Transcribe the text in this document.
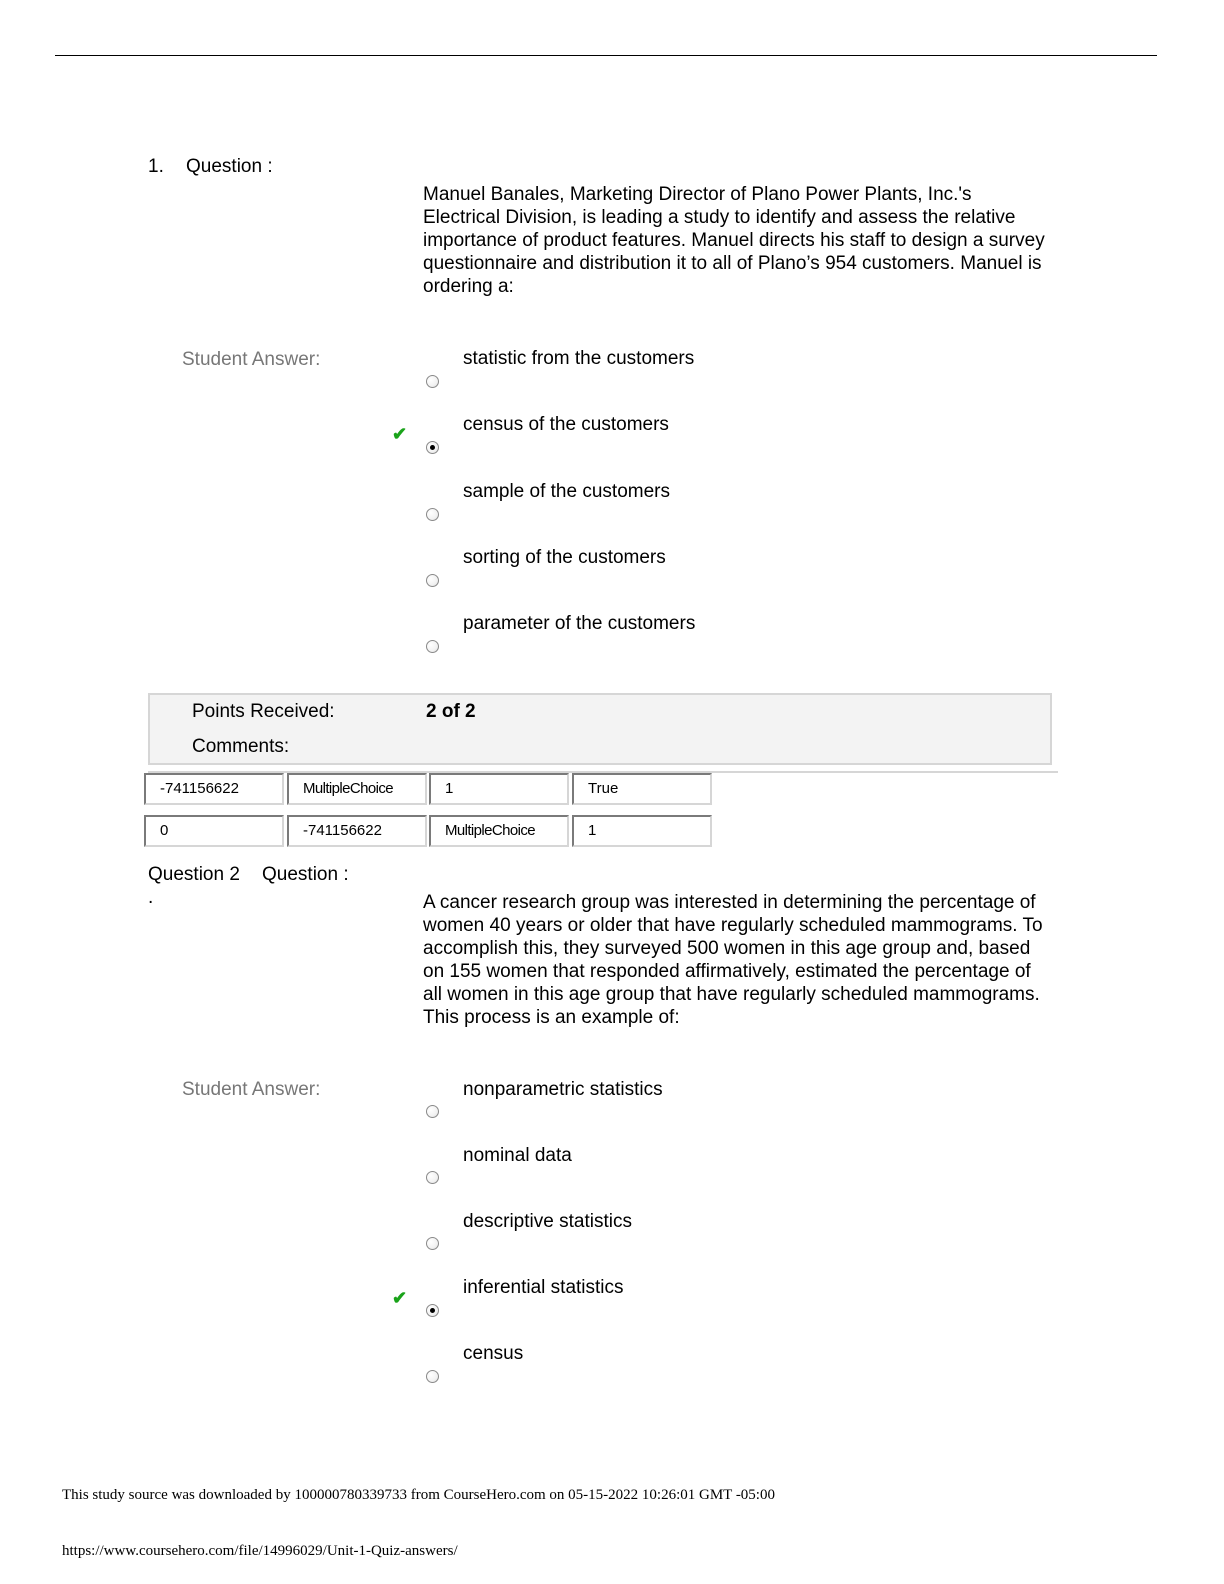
1. Question :
Manuel Banales, Marketing Director of Plano Power Plants, Inc.'s Electrical Division, is leading a study to identify and assess the relative importance of product features. Manuel directs his staff to design a survey questionnaire and distribution it to all of Plano’s 954 customers. Manuel is ordering a:
Student Answer:	statistic from the customers
✔	census of the customers
sample of the customers
sorting of the customers
parameter of the customers
Points Received:	2 of 2
Comments:
-741156622	MultipleChoice	1	True
0	-741156622	MultipleChoice	1
Question 2
.
Question :
A cancer research group was interested in determining the percentage of women 40 years or older that have regularly scheduled mammograms. To accomplish this, they surveyed 500 women in this age group and, based on 155 women that responded affirmatively, estimated the percentage of all women in this age group that have regularly scheduled mammograms. This process is an example of:
Student Answer:	nonparametric statistics
nominal data
descriptive statistics
✔	inferential statistics
census
This study source was downloaded by 100000780339733 from CourseHero.com on 05-15-2022 10:26:01 GMT -05:00
https://www.coursehero.com/file/14996029/Unit-1-Quiz-answers/
